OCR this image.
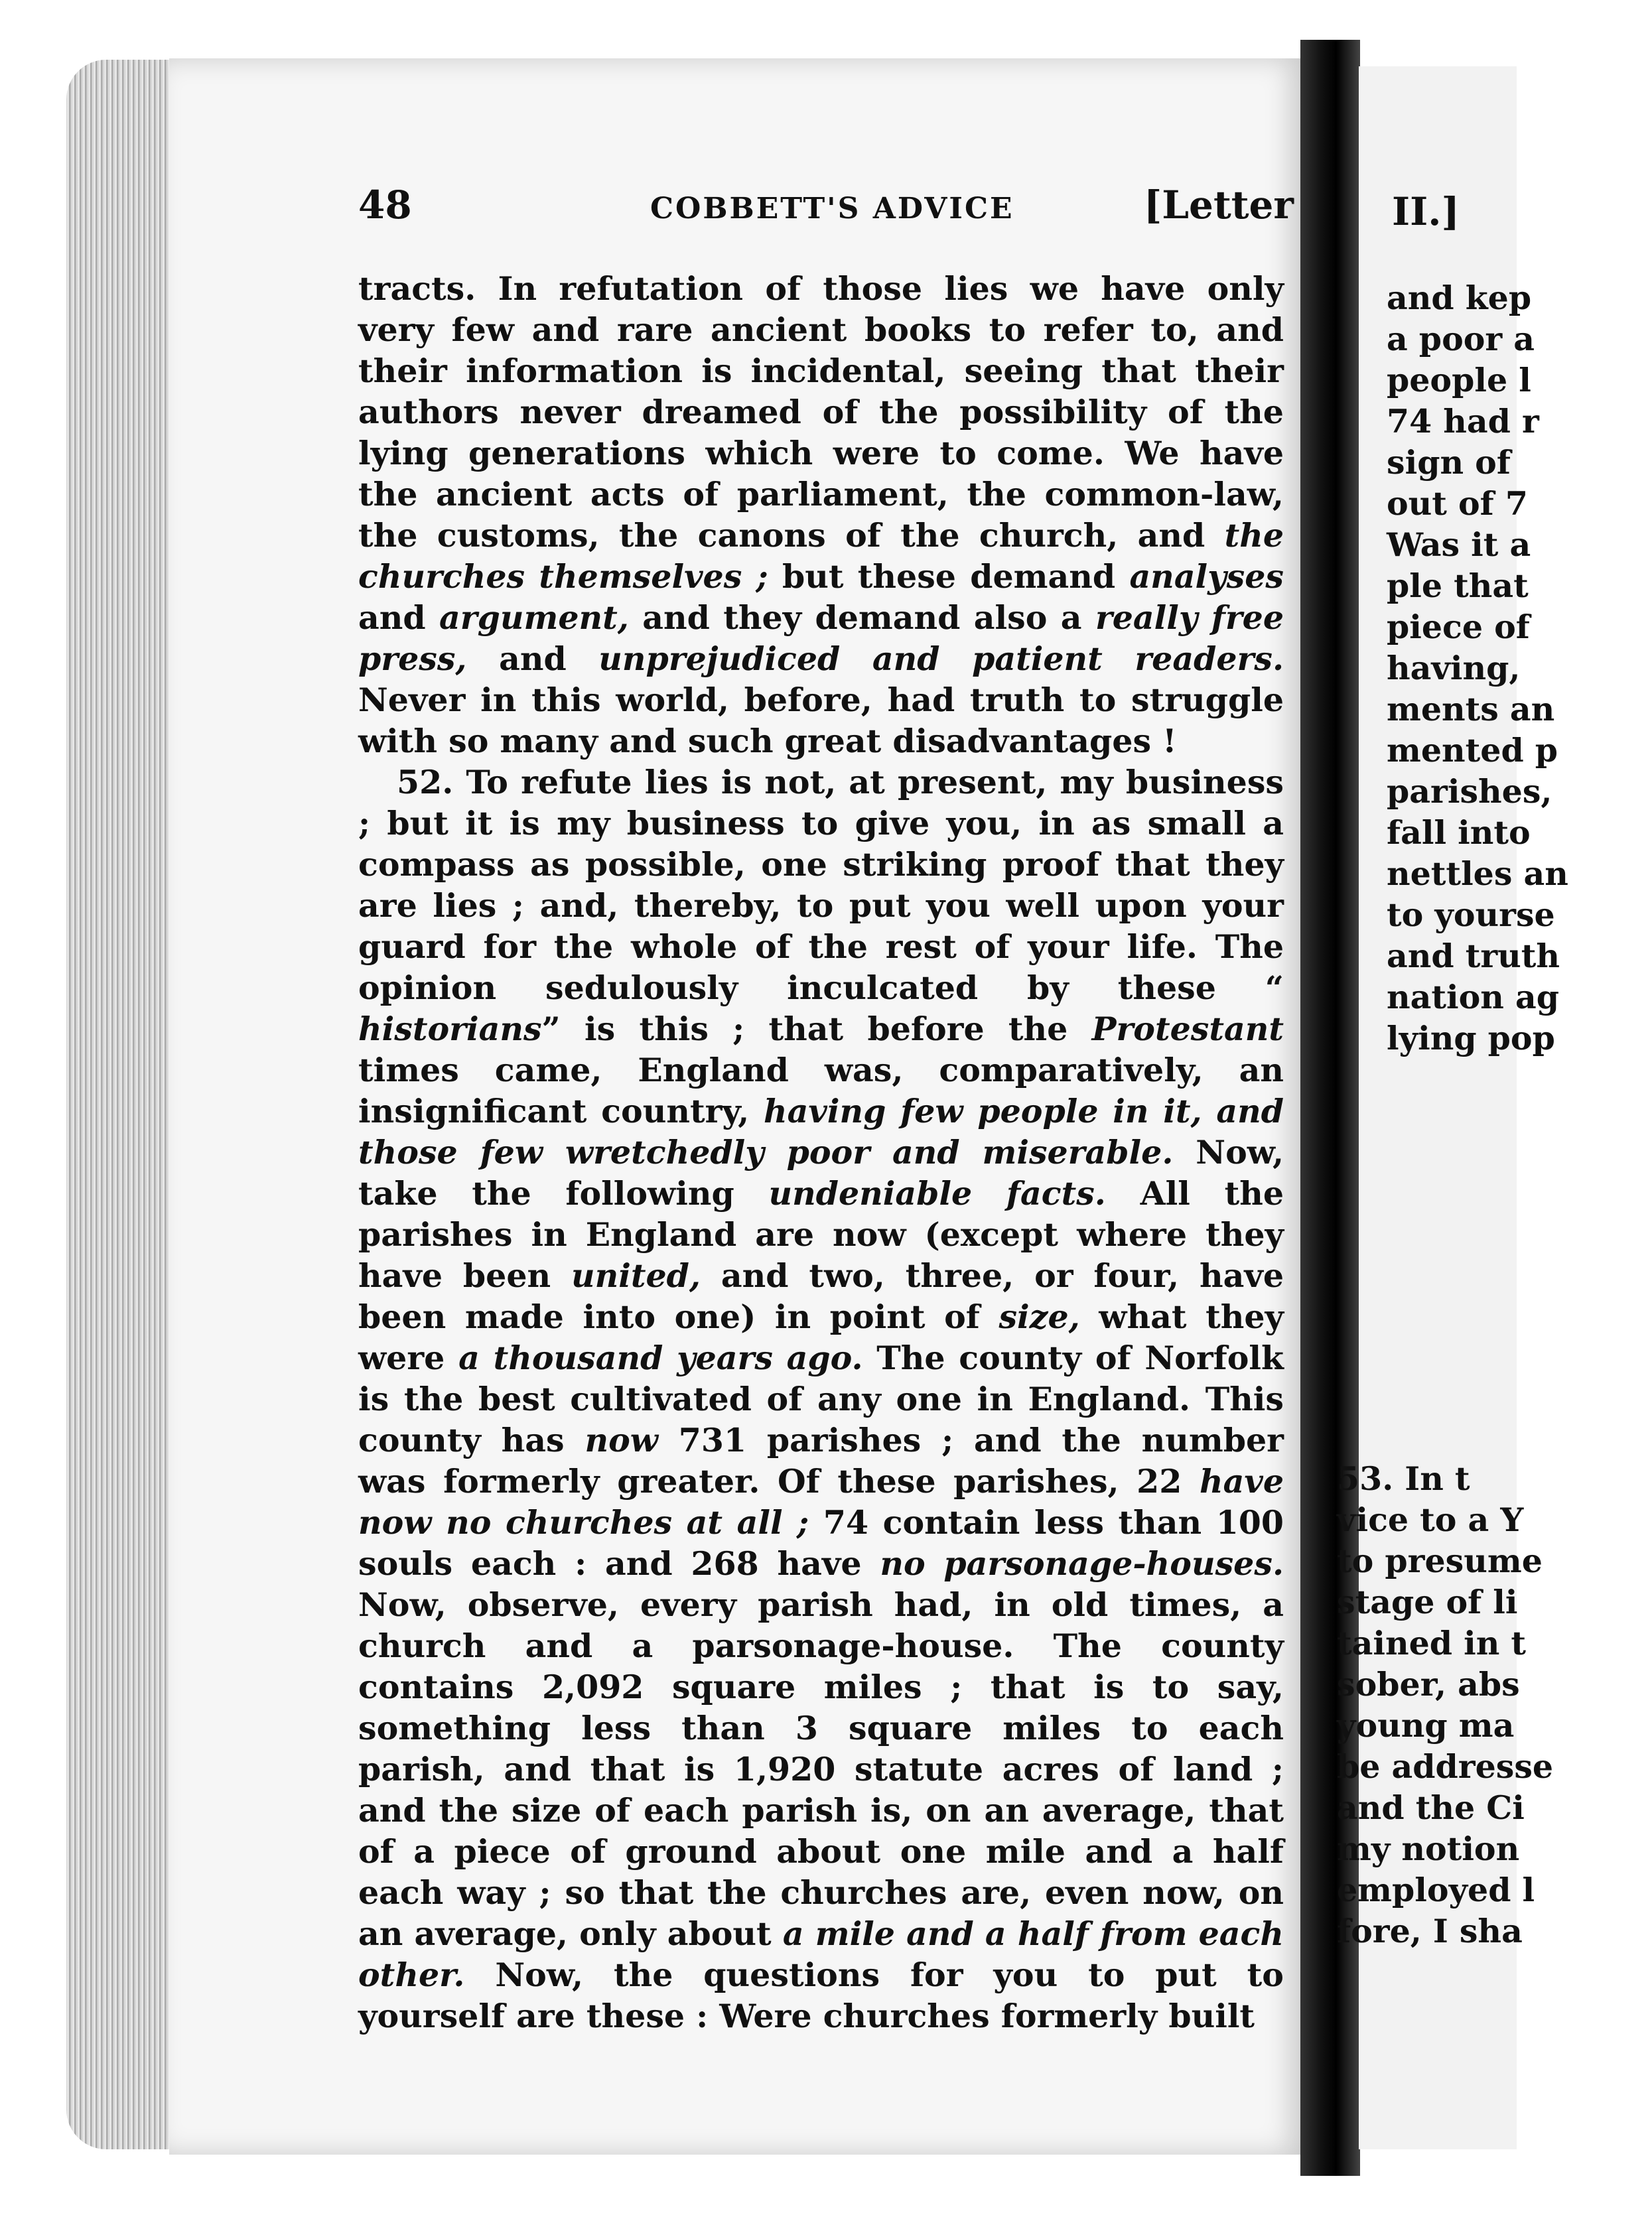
48	COBBETT'S ADVICE	[Letter

tracts. In refutation of those lies we have only very few and rare ancient books to refer to, and their information is incidental, seeing that their authors never dreamed of the possibility of the lying generations which were to come. We have the ancient acts of parliament, the common-law, the customs, the canons of the church, and the churches themselves ; but these demand analyses and argument, and they demand also a really free press, and unprejudiced and patient readers. Never in this world, before, had truth to struggle with so many and such great disadvantages !

52. To refute lies is not, at present, my business ; but it is my business to give you, in as small a compass as possible, one striking proof that they are lies ; and, thereby, to put you well upon your guard for the whole of the rest of your life. The opinion sedulously inculcated by these “ historians” is this ; that before the Protestant times came, England was, comparatively, an insignificant country, having few people in it, and those few wretchedly poor and miserable. Now, take the following undeniable facts. All the parishes in England are now (except where they have been united, and two, three, or four, have been made into one) in point of size, what they were a thousand years ago. The county of Norfolk is the best cultivated of any one in England. This county has now 731 parishes ; and the number was formerly greater. Of these parishes, 22 have now no churches at all ; 74 contain less than 100 souls each : and 268 have no parsonage-houses. Now, observe, every parish had, in old times, a church and a parsonage-house. The county contains 2,092 square miles ; that is to say, something less than 3 square miles to each parish, and that is 1,920 statute acres of land ; and the size of each parish is, on an average, that of a piece of ground about one mile and a half each way ; so that the churches are, even now, on an average, only about a mile and a half from each other. Now, the questions for you to put to yourself are these : Were churches formerly built

II.]
and kep
a poor a
people l
74 had r
sign of
out of 7
Was it a
ple that
piece of
having,
ments an
mented p
parishes,
fall into
nettles an
to yourse
and truth
nation ag
lying pop
53. In t
vice to a Y
to presume
stage of li
tained in t
sober, abs
young ma
be addresse
and the Ci
my notion
employed l
fore, I sha
